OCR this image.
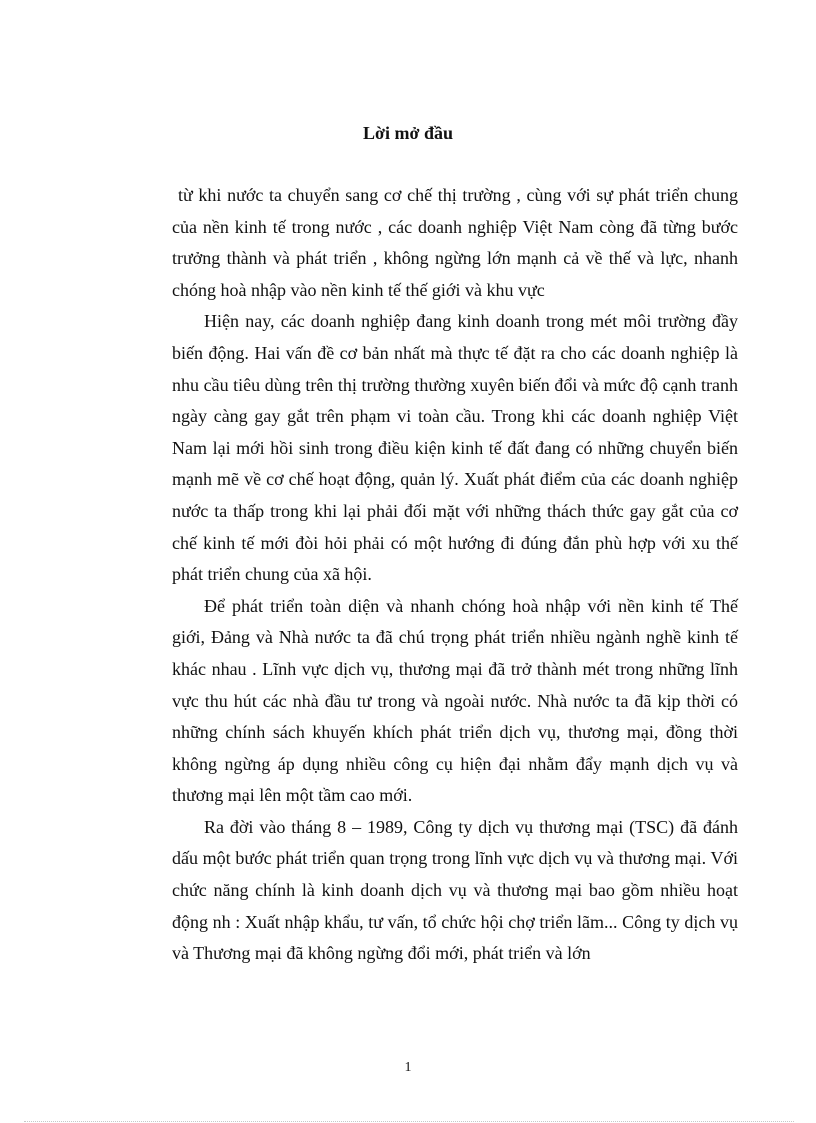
Lời mở đầu

từ khi nước ta chuyển sang cơ chế thị trường , cùng với sự phát triển chung của nền kinh tế trong nước , các doanh nghiệp Việt Nam còng đã từng bước trưởng thành và phát triển , không ngừng lớn mạnh cả về thế và lực, nhanh chóng hoà nhập vào nền kinh tế thế giới và khu vực

Hiện nay, các doanh nghiệp đang kinh doanh trong mét môi trường đầy biến động. Hai vấn đề cơ bản nhất mà thực tế đặt ra cho các doanh nghiệp là nhu cầu tiêu dùng trên thị trường thường xuyên biến đổi và mức độ cạnh tranh ngày càng gay gắt trên phạm vi toàn cầu. Trong khi các doanh nghiệp Việt Nam lại mới hồi sinh trong điều kiện kinh tế đất đang có những chuyển biến mạnh mẽ về cơ chế hoạt động, quản lý. Xuất phát điểm của các doanh nghiệp nước ta thấp trong khi lại phải đối mặt với những thách thức gay gắt của cơ chế kinh tế mới đòi hỏi phải có một hướng đi đúng đắn phù hợp với xu thế phát triển chung của xã hội.

Để phát triển toàn diện và nhanh chóng hoà nhập với nền kinh tế Thế giới, Đảng và Nhà nước ta đã chú trọng phát triển nhiều ngành nghề kinh tế khác nhau . Lĩnh vực dịch vụ, thương mại đã trở thành mét trong những lĩnh vực thu hút các nhà đầu tư trong và ngoài nước. Nhà nước ta đã kịp thời có những chính sách khuyến khích phát triển dịch vụ, thương mại, đồng thời không ngừng áp dụng nhiều công cụ hiện đại nhằm đẩy mạnh dịch vụ và thương mại lên một tầm cao mới.

Ra đời vào tháng 8 – 1989, Công ty dịch vụ thương mại (TSC) đã đánh dấu một bước phát triển quan trọng trong lĩnh vực dịch vụ và thương mại. Với chức năng chính là kinh doanh dịch vụ và thương mại bao gồm nhiều hoạt động nh : Xuất nhập khẩu, tư vấn, tổ chức hội chợ triển lãm... Công ty dịch vụ và Thương mại đã không ngừng đổi mới, phát triển và lớn

1
